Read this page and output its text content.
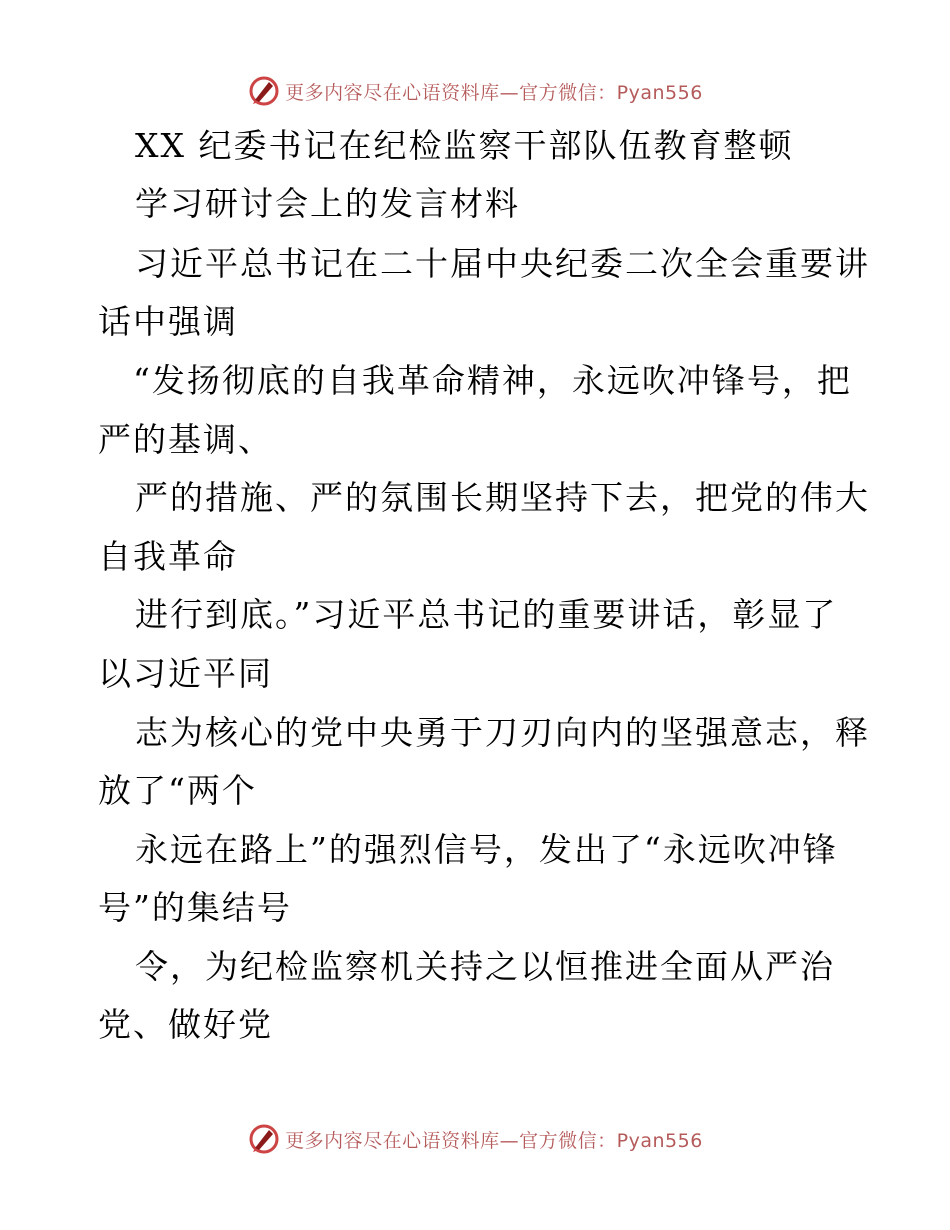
更多内容尽在心语资料库—官方微信：Pyan556
XX 纪委书记在纪检监察干部队伍教育整顿
学习研讨会上的发言材料
习近平总书记在二十届中央纪委二次全会重要讲
话中强调
“发扬彻底的自我革命精神，永远吹冲锋号，把
严的基调、
严的措施、严的氛围长期坚持下去，把党的伟大
自我革命
进行到底。”习近平总书记的重要讲话，彰显了
以习近平同
志为核心的党中央勇于刀刃向内的坚强意志，释
放了“两个
永远在路上”的强烈信号，发出了“永远吹冲锋
号”的集结号
令，为纪检监察机关持之以恒推进全面从严治
党、做好党
更多内容尽在心语资料库—官方微信：Pyan556
